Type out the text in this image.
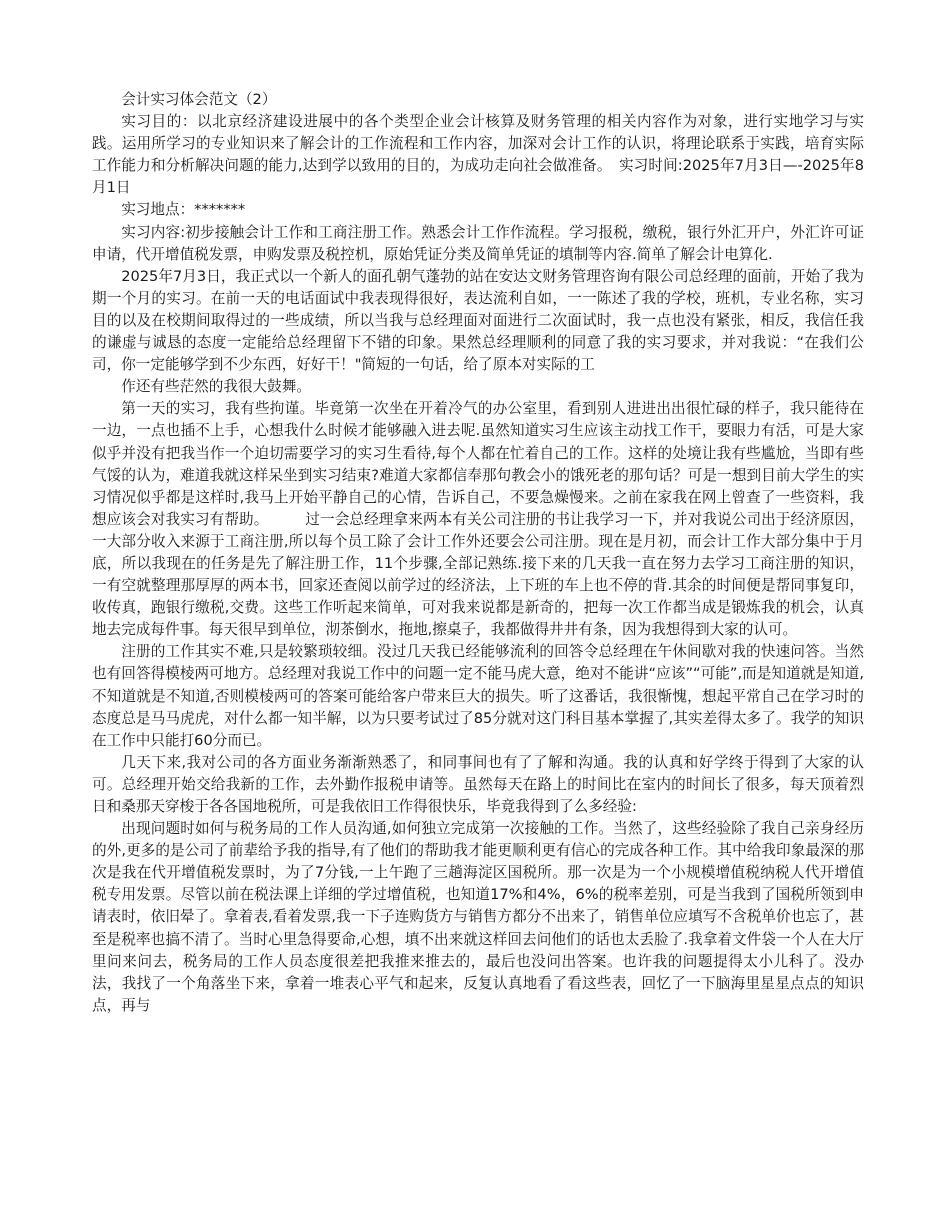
会计实习体会范文（2）

实习目的：以北京经济建设进展中的各个类型企业会计核算及财务管理的相关内容作为对象，进行实地学习与实践。运用所学习的专业知识来了解会计的工作流程和工作内容，加深对会计工作的认识，将理论联系于实践，培育实际工作能力和分析解决问题的能力,达到学以致用的目的，为成功走向社会做准备。　实习时间:2025年7月3日—-2025年8月1日

实习地点：*******

实习内容:初步接触会计工作和工商注册工作。熟悉会计工作作流程。学习报税，缴税，银行外汇开户，外汇许可证申请，代开增值税发票，申购发票及税控机，原始凭证分类及简单凭证的填制等内容.简单了解会计电算化.

2025年7月3日，我正式以一个新人的面孔朝气蓬勃的站在安达文财务管理咨询有限公司总经理的面前，开始了我为期一个月的实习。在前一天的电话面试中我表现得很好，表达流利自如，一一陈述了我的学校，班机，专业名称，实习目的以及在校期间取得过的一些成绩，所以当我与总经理面对面进行二次面试时，我一点也没有紧张，相反，我信任我的谦虚与诚恳的态度一定能给总经理留下不错的印象。果然总经理顺利的同意了我的实习要求，并对我说：“在我们公司，你一定能够学到不少东西，好好干！"简短的一句话，给了原本对实际的工

作还有些茫然的我很大鼓舞。

第一天的实习，我有些拘谨。毕竟第一次坐在开着冷气的办公室里，看到别人进进出出很忙碌的样子，我只能待在一边，一点也插不上手，心想我什么时候才能够融入进去呢.虽然知道实习生应该主动找工作干，要眼力有活，可是大家似乎并没有把我当作一个迫切需要学习的实习生看待,每个人都在忙着自己的工作。这样的处境让我有些尴尬，当即有些气馁的认为，难道我就这样呆坐到实习结束?难道大家都信奉那句教会小的饿死老的那句话？可是一想到目前大学生的实习情况似乎都是这样时,我马上开始平静自己的心情，告诉自己，不要急燥慢来。之前在家我在网上曾查了一些资料，我想应该会对我实习有帮助。　　　过一会总经理拿来两本有关公司注册的书让我学习一下，并对我说公司出于经济原因，一大部分收入来源于工商注册,所以每个员工除了会计工作外还要会公司注册。现在是月初，而会计工作大部分集中于月底，所以我现在的任务是先了解注册工作，11个步骤,全部记熟练.接下来的几天我一直在努力去学习工商注册的知识，一有空就整理那厚厚的两本书，回家还查阅以前学过的经济法，上下班的车上也不停的背.其余的时间便是帮同事复印，收传真，跑银行缴税,交费。这些工作听起来简单，可对我来说都是新奇的，把每一次工作都当成是锻炼我的机会，认真地去完成每件事。每天很早到单位，沏茶倒水，拖地,擦桌子，我都做得井井有条，因为我想得到大家的认可。

注册的工作其实不难,只是较繁琐较细。没过几天我已经能够流利的回答令总经理在午休间歇对我的快速问答。当然也有回答得模棱两可地方。总经理对我说工作中的问题一定不能马虎大意，绝对不能讲“应该”“可能”,而是知道就是知道,不知道就是不知道,否则模棱两可的答案可能给客户带来巨大的损失。听了这番话，我很惭愧，想起平常自己在学习时的态度总是马马虎虎，对什么都一知半解，以为只要考试过了85分就对这门科目基本掌握了,其实差得太多了。我学的知识在工作中只能打60分而已。

几天下来,我对公司的各方面业务渐渐熟悉了，和同事间也有了了解和沟通。我的认真和好学终于得到了大家的认可。总经理开始交给我新的工作，去外勤作报税申请等。虽然每天在路上的时间比在室内的时间长了很多，每天顶着烈日和桑那天穿梭于各各国地税所，可是我依旧工作得很快乐，毕竟我得到了么多经验:

出现问题时如何与税务局的工作人员沟通,如何独立完成第一次接触的工作。当然了，这些经验除了我自己亲身经历的外,更多的是公司了前辈给予我的指导,有了他们的帮助我才能更顺利更有信心的完成各种工作。其中给我印象最深的那次是我在代开增值税发票时，为了7分钱,一上午跑了三趟海淀区国税所。那一次是为一个小规模增值税纳税人代开增值税专用发票。尽管以前在税法课上详细的学过增值税，也知道17%和4%，6%的税率差别，可是当我到了国税所领到申请表时，依旧晕了。拿着表,看着发票,我一下子连购货方与销售方都分不出来了，销售单位应填写不含税单价也忘了，甚至是税率也搞不清了。当时心里急得要命,心想，填不出来就这样回去问他们的话也太丢脸了.我拿着文件袋一个人在大厅里问来问去，税务局的工作人员态度很差把我推来推去的，最后也没问出答案。也许我的问题提得太小儿科了。没办法，我找了一个角落坐下来，拿着一堆表心平气和起来，反复认真地看了看这些表，回忆了一下脑海里星星点点的知识点，再与
